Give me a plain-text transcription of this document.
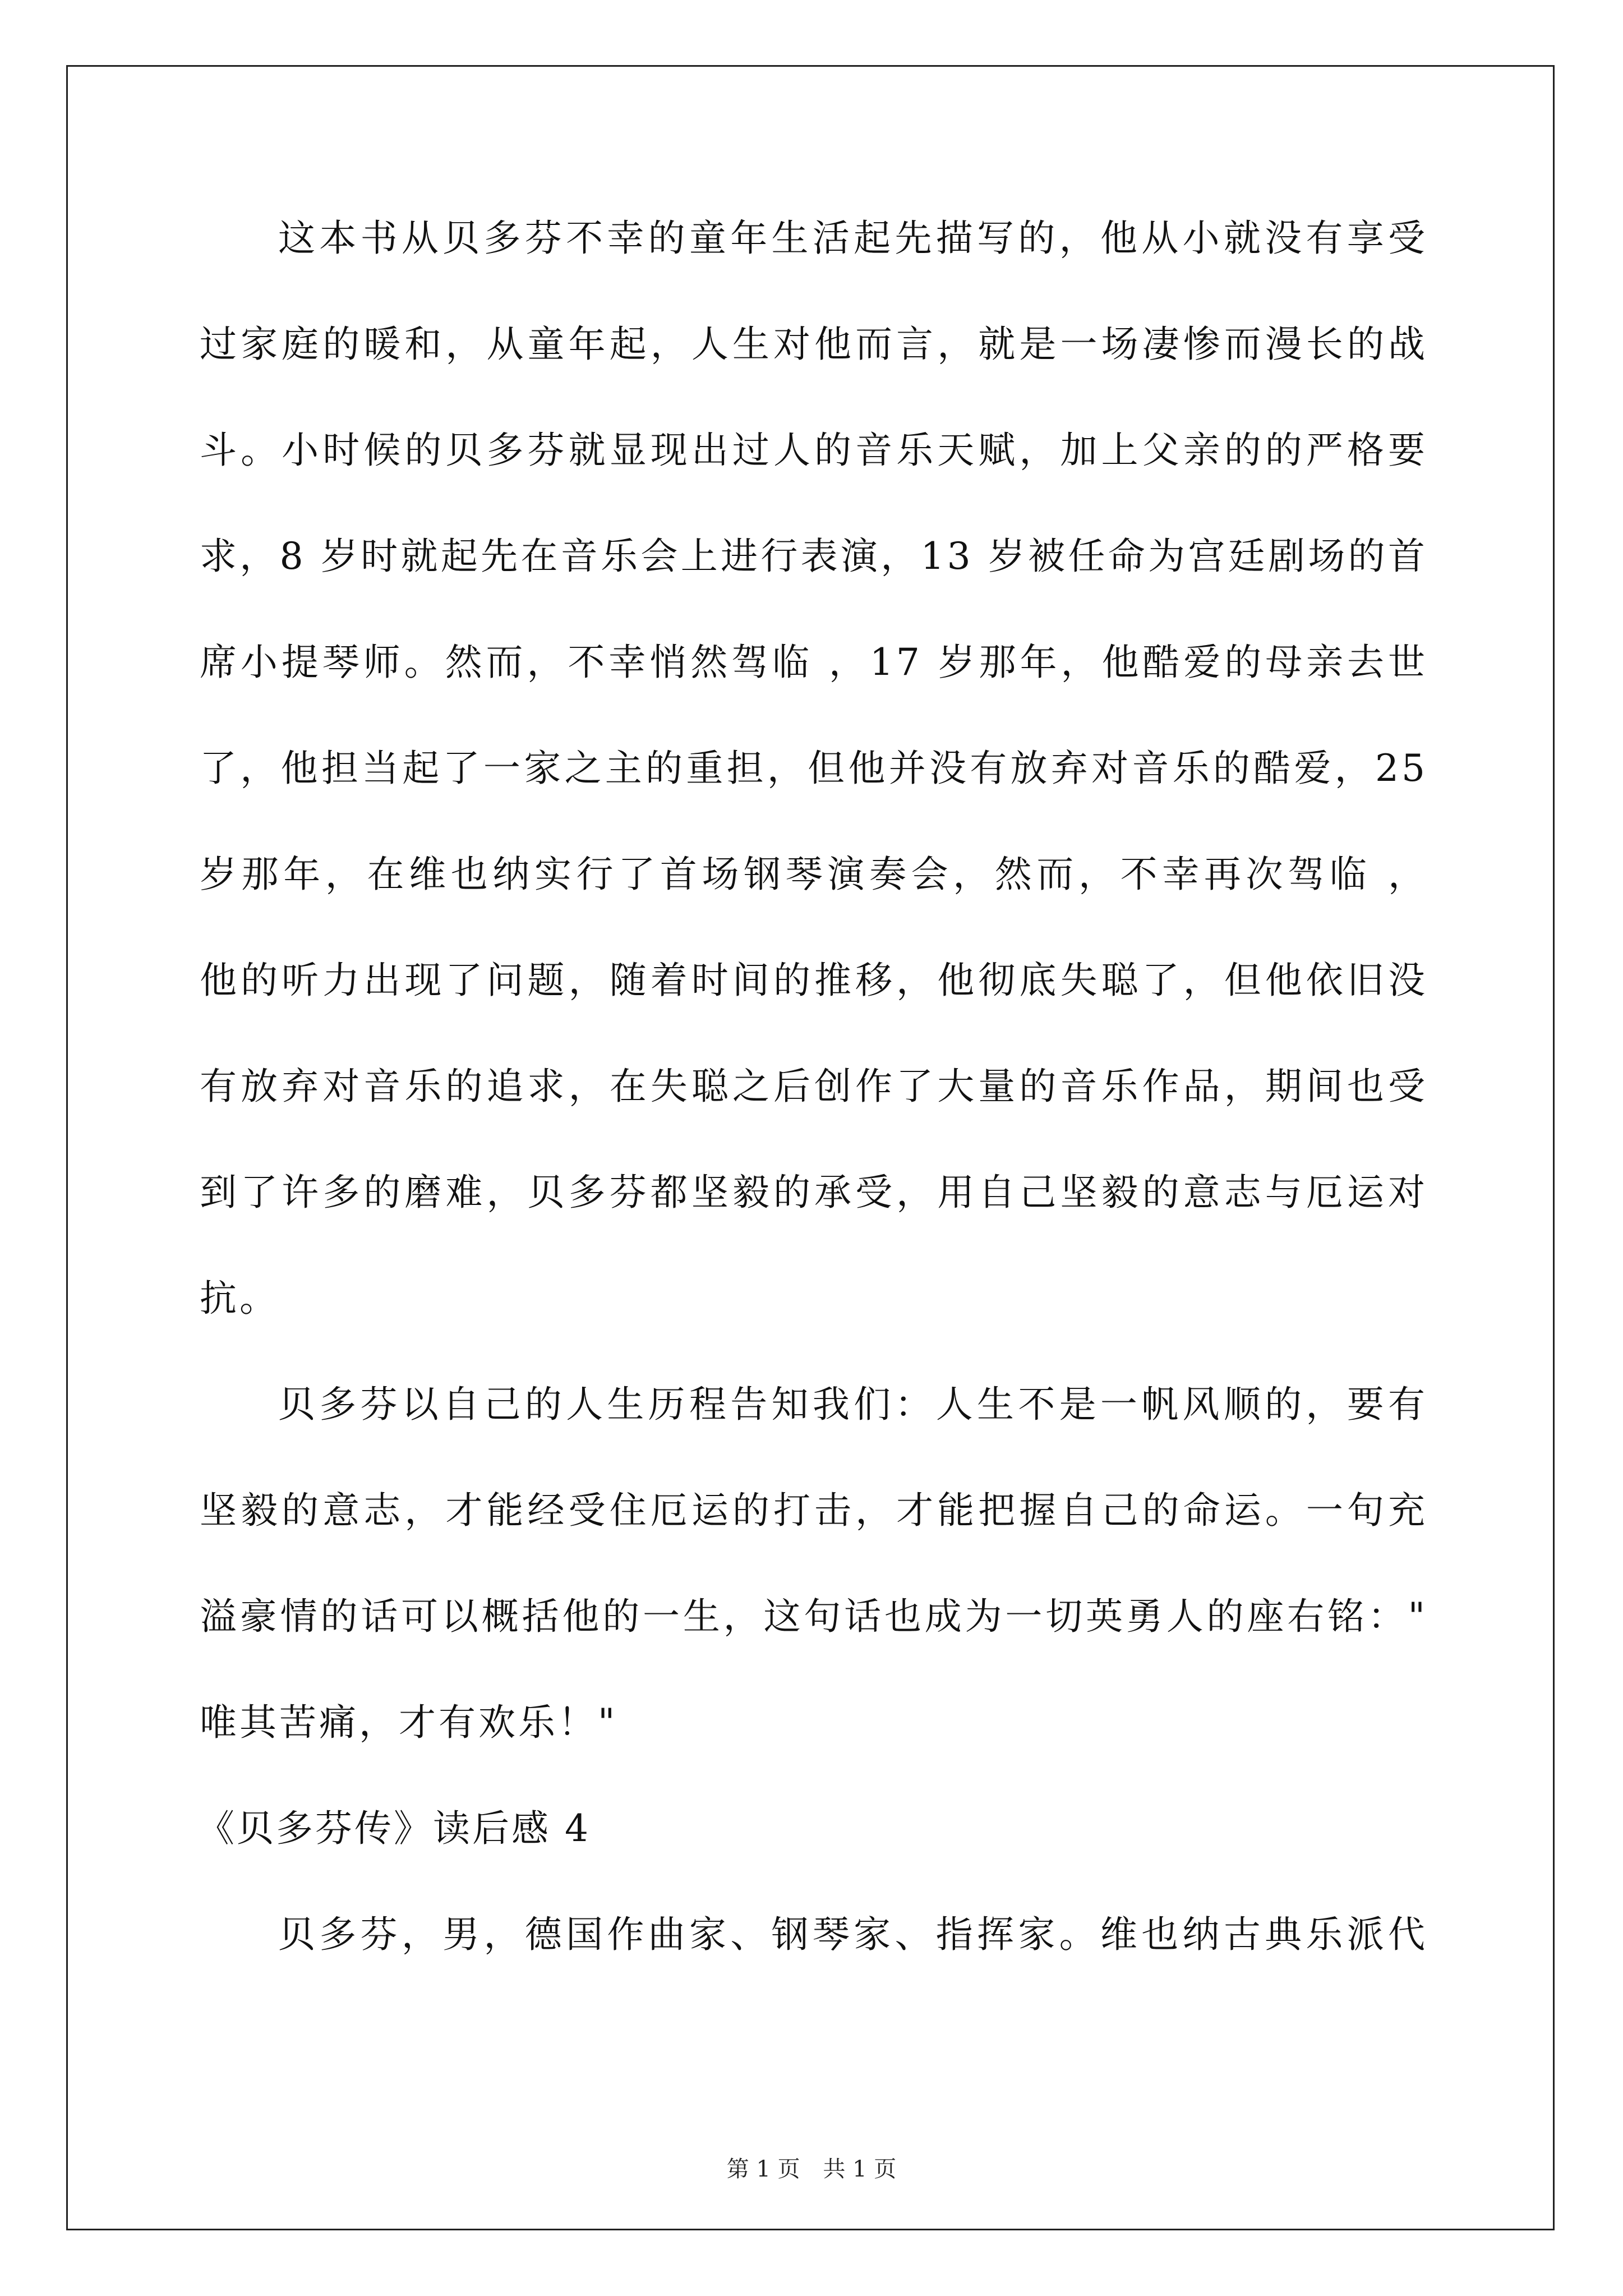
这本书从贝多芬不幸的童年生活起先描写的，他从小就没有享受
过家庭的暖和，从童年起，人生对他而言，就是一场凄惨而漫长的战
斗。小时候的贝多芬就显现出过人的音乐天赋，加上父亲的的严格要
求，8 岁时就起先在音乐会上进行表演，13 岁被任命为宫廷剧场的首
席小提琴师。然而，不幸悄然驾临 ，17 岁那年，他酷爱的母亲去世
了，他担当起了一家之主的重担，但他并没有放弃对音乐的酷爱，25
岁那年，在维也纳实行了首场钢琴演奏会，然而，不幸再次驾临 ，
他的听力出现了问题，随着时间的推移，他彻底失聪了，但他依旧没
有放弃对音乐的追求，在失聪之后创作了大量的音乐作品，期间也受
到了许多的磨难，贝多芬都坚毅的承受，用自己坚毅的意志与厄运对
抗。
贝多芬以自己的人生历程告知我们：人生不是一帆风顺的，要有
坚毅的意志，才能经受住厄运的打击，才能把握自己的命运。一句充
溢豪情的话可以概括他的一生，这句话也成为一切英勇人的座右铭："
唯其苦痛，才有欢乐！"
《贝多芬传》读后感 4
贝多芬，男，德国作曲家、钢琴家、指挥家。维也纳古典乐派代
第 1 页 共 1 页
